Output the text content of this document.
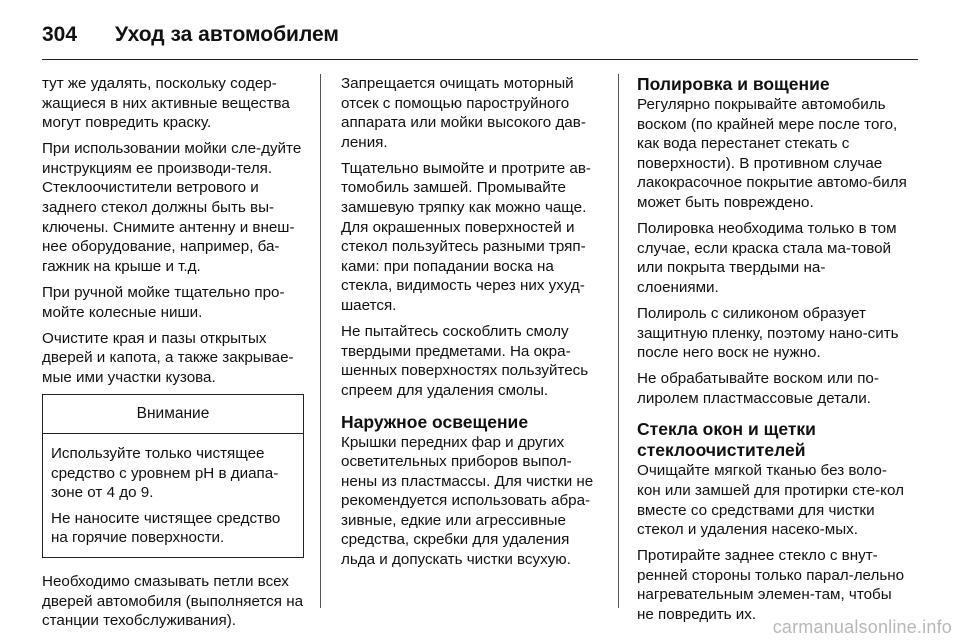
304 Уход за автомобилем

тут же удалять, поскольку содер-жащиеся в них активные вещества могут повредить краску.

При использовании мойки сле-дуйте инструкциям ее производи-теля. Стеклоочистители ветрового и заднего стекол должны быть вы-ключены. Снимите антенну и внеш-нее оборудование, например, ба-гажник на крыше и т.д.

При ручной мойке тщательно про-мойте колесные ниши.

Очистите края и пазы открытых дверей и капота, а также закрывае-мые ими участки кузова.

Внимание

Используйте только чистящее средство с уровнем pH в диапа-зоне от 4 до 9.

Не наносите чистящее средство на горячие поверхности.

Необходимо смазывать петли всех дверей автомобиля (выполняется на станции техобслуживания).

Запрещается очищать моторный отсек с помощью пароструйного аппарата или мойки высокого дав-ления.

Тщательно вымойте и протрите ав-томобиль замшей. Промывайте замшевую тряпку как можно чаще. Для окрашенных поверхностей и стекол пользуйтесь разными тряп-ками: при попадании воска на стекла, видимость через них ухуд-шается.

Не пытайтесь соскоблить смолу твердыми предметами. На окра-шенных поверхностях пользуйтесь спреем для удаления смолы.

Наружное освещение

Крышки передних фар и других осветительных приборов выпол-нены из пластмассы. Для чистки не рекомендуется использовать абра-зивные, едкие или агрессивные средства, скребки для удаления льда и допускать чистки всухую.

Полировка и вощение

Регулярно покрывайте автомобиль воском (по крайней мере после того, как вода перестанет стекать с поверхности). В противном случае лакокрасочное покрытие автомо-биля может быть повреждено.

Полировка необходима только в том случае, если краска стала ма-товой или покрыта твердыми на-слоениями.

Полироль с силиконом образует защитную пленку, поэтому нано-сить после него воск не нужно.

Не обрабатывайте воском или по-лиролем пластмассовые детали.

Стекла окон и щетки стеклоочистителей

Очищайте мягкой тканью без воло-кон или замшей для протирки сте-кол вместе со средствами для чистки стекол и удаления насеко-мых.

Протирайте заднее стекло с внут-ренней стороны только парал-лельно нагревательным элемен-там, чтобы не повредить их.

carmanualsonline.info
